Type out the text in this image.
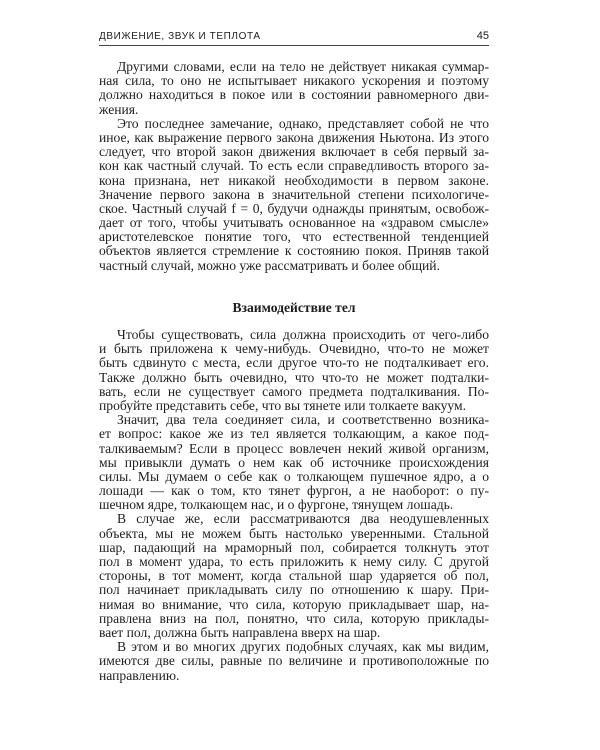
ДВИЖЕНИЕ, ЗВУК И ТЕПЛОТА	45
Другими словами, если на тело не действует никакая суммар-
ная сила, то оно не испытывает никакого ускорения и поэтому
должно находиться в покое или в состоянии равномерного дви-
жения.
Это последнее замечание, однако, представляет собой не что
иное, как выражение первого закона движения Ньютона. Из этого
следует, что второй закон движения включает в себя первый за-
кон как частный случай. То есть если справедливость второго за-
кона признана, нет никакой необходимости в первом законе.
Значение первого закона в значительной степени психологиче-
ское. Частный случай f = 0, будучи однажды принятым, освобож-
дает от того, чтобы учитывать основанное на «здравом смысле»
аристотелевское понятие того, что естественной тенденцией
объектов является стремление к состоянию покоя. Приняв такой
частный случай, можно уже рассматривать и более общий.
Взаимодействие тел
Чтобы существовать, сила должна происходить от чего-либо
и быть приложена к чему-нибудь. Очевидно, что-то не может
быть сдвинуто с места, если другое что-то не подталкивает его.
Также должно быть очевидно, что что-то не может подталки-
вать, если не существует самого предмета подталкивания. По-
пробуйте представить себе, что вы тянете или толкаете вакуум.
Значит, два тела соединяет сила, и соответственно возника-
ет вопрос: какое же из тел является толкающим, а какое под-
талкиваемым? Если в процесс вовлечен некий живой организм,
мы привыкли думать о нем как об источнике происхождения
силы. Мы думаем о себе как о толкающем пушечное ядро, а о
лошади — как о том, кто тянет фургон, а не наоборот: о пу-
шечном ядре, толкающем нас, и о фургоне, тянущем лошадь.
В случае же, если рассматриваются два неодушевленных
объекта, мы не можем быть настолько уверенными. Стальной
шар, падающий на мраморный пол, собирается толкнуть этот
пол в момент удара, то есть приложить к нему силу. С другой
стороны, в тот момент, когда стальной шар ударяется об пол,
пол начинает прикладывать силу по отношению к шару. При-
нимая во внимание, что сила, которую прикладывает шар, на-
правлена вниз на пол, понятно, что сила, которую приклады-
вает пол, должна быть направлена вверх на шар.
В этом и во многих других подобных случаях, как мы видим,
имеются две силы, равные по величине и противоположные по
направлению.
